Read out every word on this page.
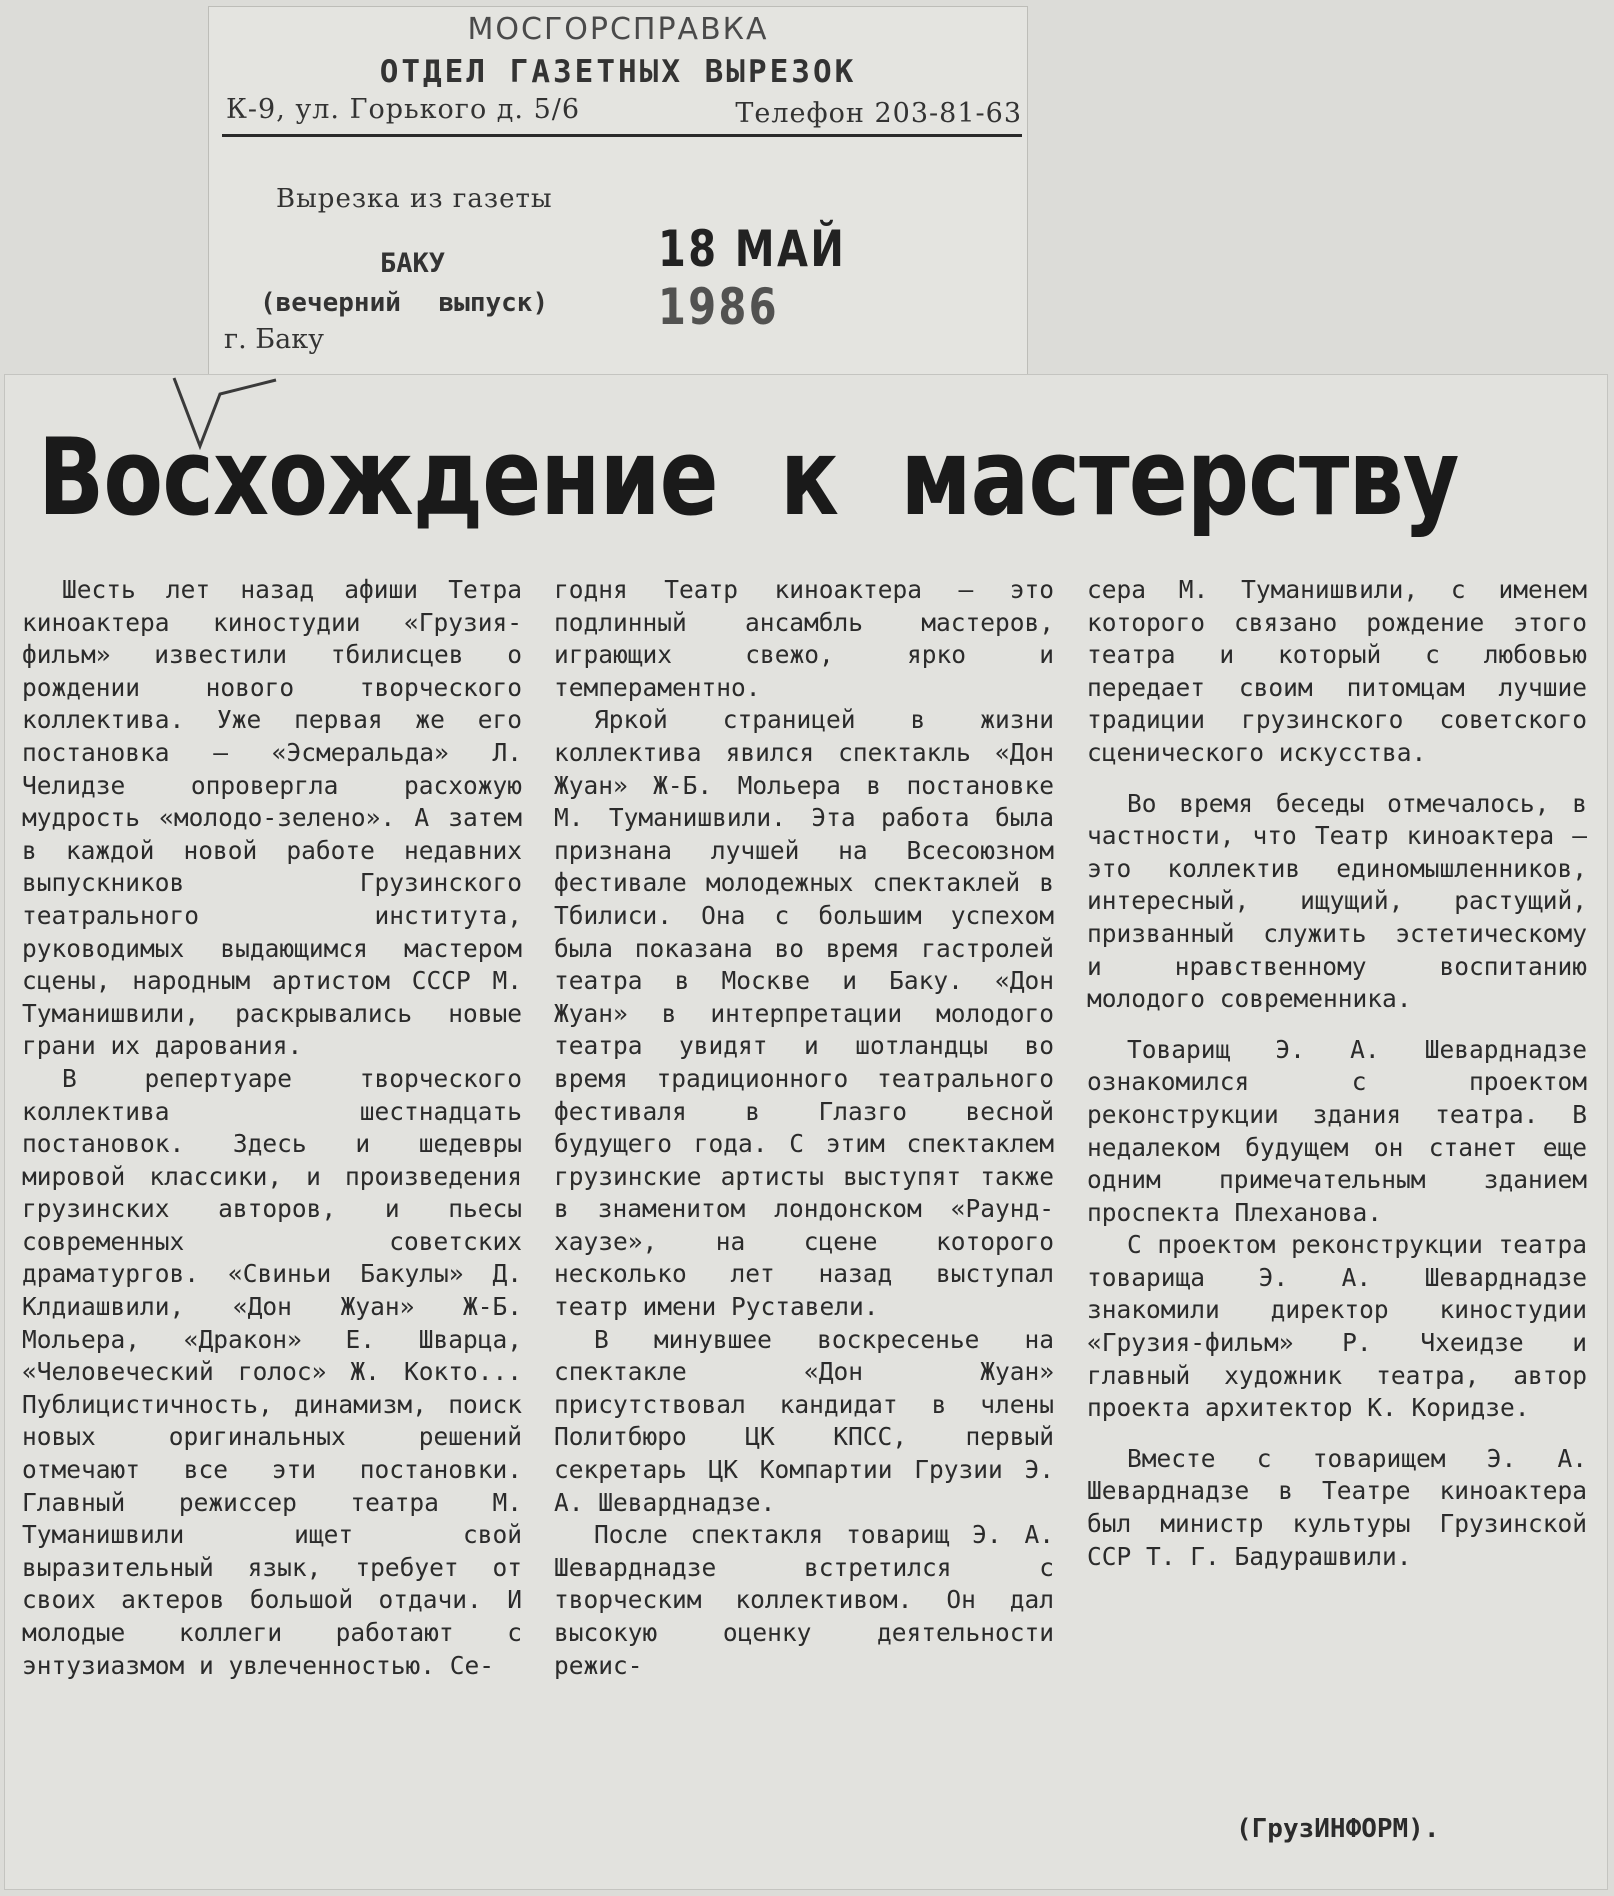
МОСГОРСПРАВКА
ОТДЕЛ ГАЗЕТНЫХ ВЫРЕЗОК
К-9, ул. Горького д. 5/6	Телефон 203-81-63
Вырезка из газеты
БАКУ
(вечерний выпуск)
г. Баку
18 МАЙ 1986
Восхождение к мастерству

Шесть лет назад афиши Тетра киноактера киностудии «Грузия-фильм» известили тбилисцев о рождении нового творческого коллектива. Уже первая же его постановка — «Эсмеральда» Л. Челидзе опровергла расхожую мудрость «молодо-зелено». А затем в каждой новой работе недавних выпускников Грузинского театрального института, руководимых выдающимся мастером сцены, народным артистом СССР М. Туманишвили, раскрывались новые грани их дарования.

В репертуаре творческого коллектива шестнадцать постановок. Здесь и шедевры мировой классики, и произведения грузинских авторов, и пьесы современных советских драматургов. «Свиньи Бакулы» Д. Клдиашвили, «Дон Жуан» Ж-Б. Мольера, «Дракон» Е. Шварца, «Человеческий голос» Ж. Кокто... Публицистичность, динамизм, поиск новых оригинальных решений отмечают все эти постановки. Главный режиссер театра М. Туманишвили ищет свой выразительный язык, требует от своих актеров большой отдачи. И молодые коллеги работают с энтузиазмом и увлеченностью. Се-

годня Театр киноактера — это подлинный ансамбль мастеров, играющих свежо, ярко и темпераментно.

Яркой страницей в жизни коллектива явился спектакль «Дон Жуан» Ж-Б. Мольера в постановке М. Туманишвили. Эта работа была признана лучшей на Всесоюзном фестивале молодежных спектаклей в Тбилиси. Она с большим успехом была показана во время гастролей театра в Москве и Баку. «Дон Жуан» в интерпретации молодого театра увидят и шотландцы во время традиционного театрального фестиваля в Глазго весной будущего года. С этим спектаклем грузинские артисты выступят также в знаменитом лондонском «Раунд-хаузе», на сцене которого несколько лет назад выступал театр имени Руставели.

В минувшее воскресенье на спектакле «Дон Жуан» присутствовал кандидат в члены Политбюро ЦК КПСС, первый секретарь ЦК Компартии Грузии Э. А. Шеварднадзе.

После спектакля товарищ Э. А. Шеварднадзе встретился с творческим коллективом. Он дал высокую оценку деятельности режис-

сера М. Туманишвили, с именем которого связано рождение этого театра и который с любовью передает своим питомцам лучшие традиции грузинского советского сценического искусства.

Во время беседы отмечалось, в частности, что Театр киноактера — это коллектив единомышленников, интересный, ищущий, растущий, призванный служить эстетическому и нравственному воспитанию молодого современника.

Товарищ Э. А. Шеварднадзе ознакомился с проектом реконструкции здания театра. В недалеком будущем он станет еще одним примечательным зданием проспекта Плеханова.

С проектом реконструкции театра товарища Э. А. Шеварднадзе знакомили директор киностудии «Грузия-фильм» Р. Чхеидзе и главный художник театра, автор проекта архитектор К. Коридзе.

Вместе с товарищем Э. А. Шеварднадзе в Театре киноактера был министр культуры Грузинской ССР Т. Г. Бадурашвили.

(ГрузИНФОРМ).
